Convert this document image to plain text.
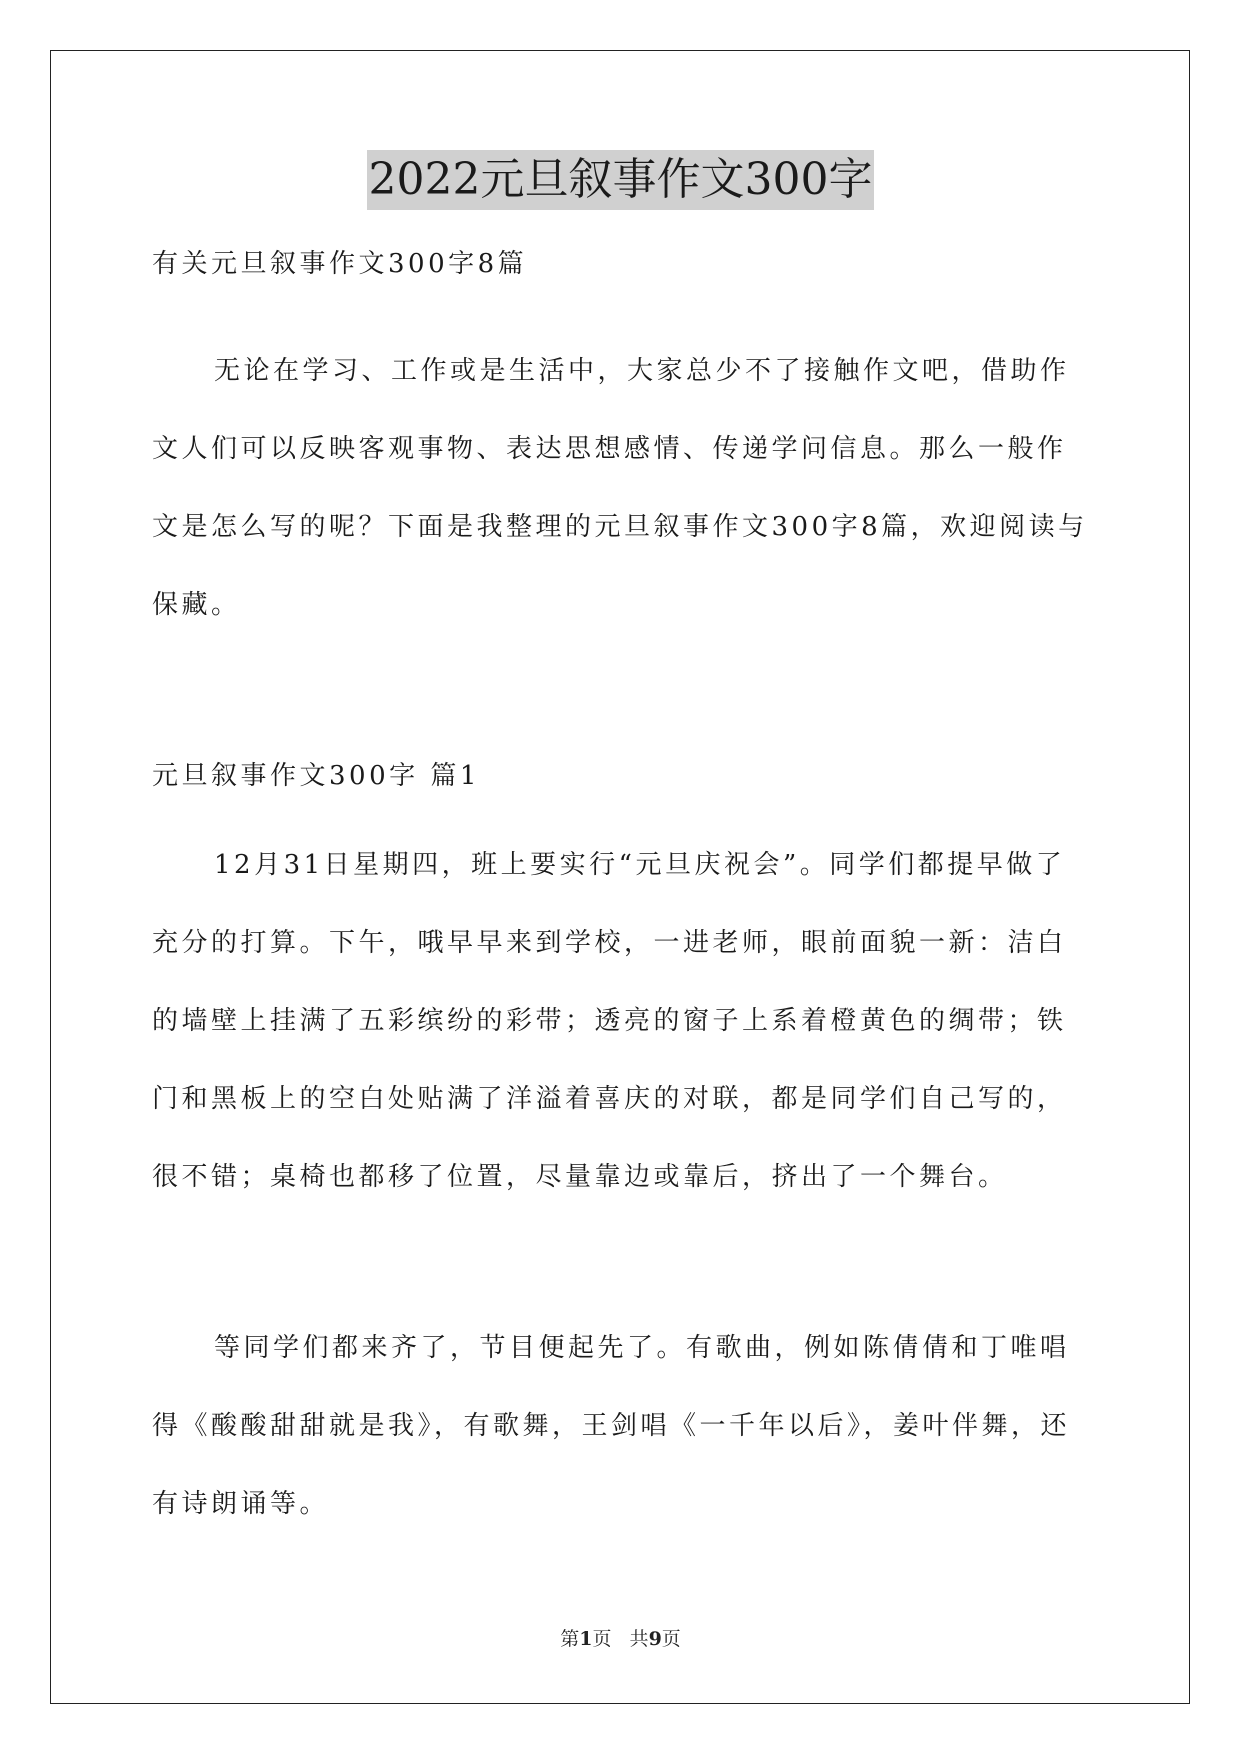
2022元旦叙事作文300字

有关元旦叙事作文300字8篇

无论在学习、工作或是生活中，大家总少不了接触作文吧，借助作文人们可以反映客观事物、表达思想感情、传递学问信息。那么一般作文是怎么写的呢？下面是我整理的元旦叙事作文300字8篇，欢迎阅读与保藏。

元旦叙事作文300字 篇1

12月31日星期四，班上要实行“元旦庆祝会”。同学们都提早做了充分的打算。下午，哦早早来到学校，一进老师，眼前面貌一新：洁白的墙壁上挂满了五彩缤纷的彩带；透亮的窗子上系着橙黄色的绸带；铁门和黑板上的空白处贴满了洋溢着喜庆的对联，都是同学们自己写的，很不错；桌椅也都移了位置，尽量靠边或靠后，挤出了一个舞台。

等同学们都来齐了，节目便起先了。有歌曲，例如陈倩倩和丁唯唱得《酸酸甜甜就是我》，有歌舞，王剑唱《一千年以后》，姜叶伴舞，还有诗朗诵等。

第1页   共9页
